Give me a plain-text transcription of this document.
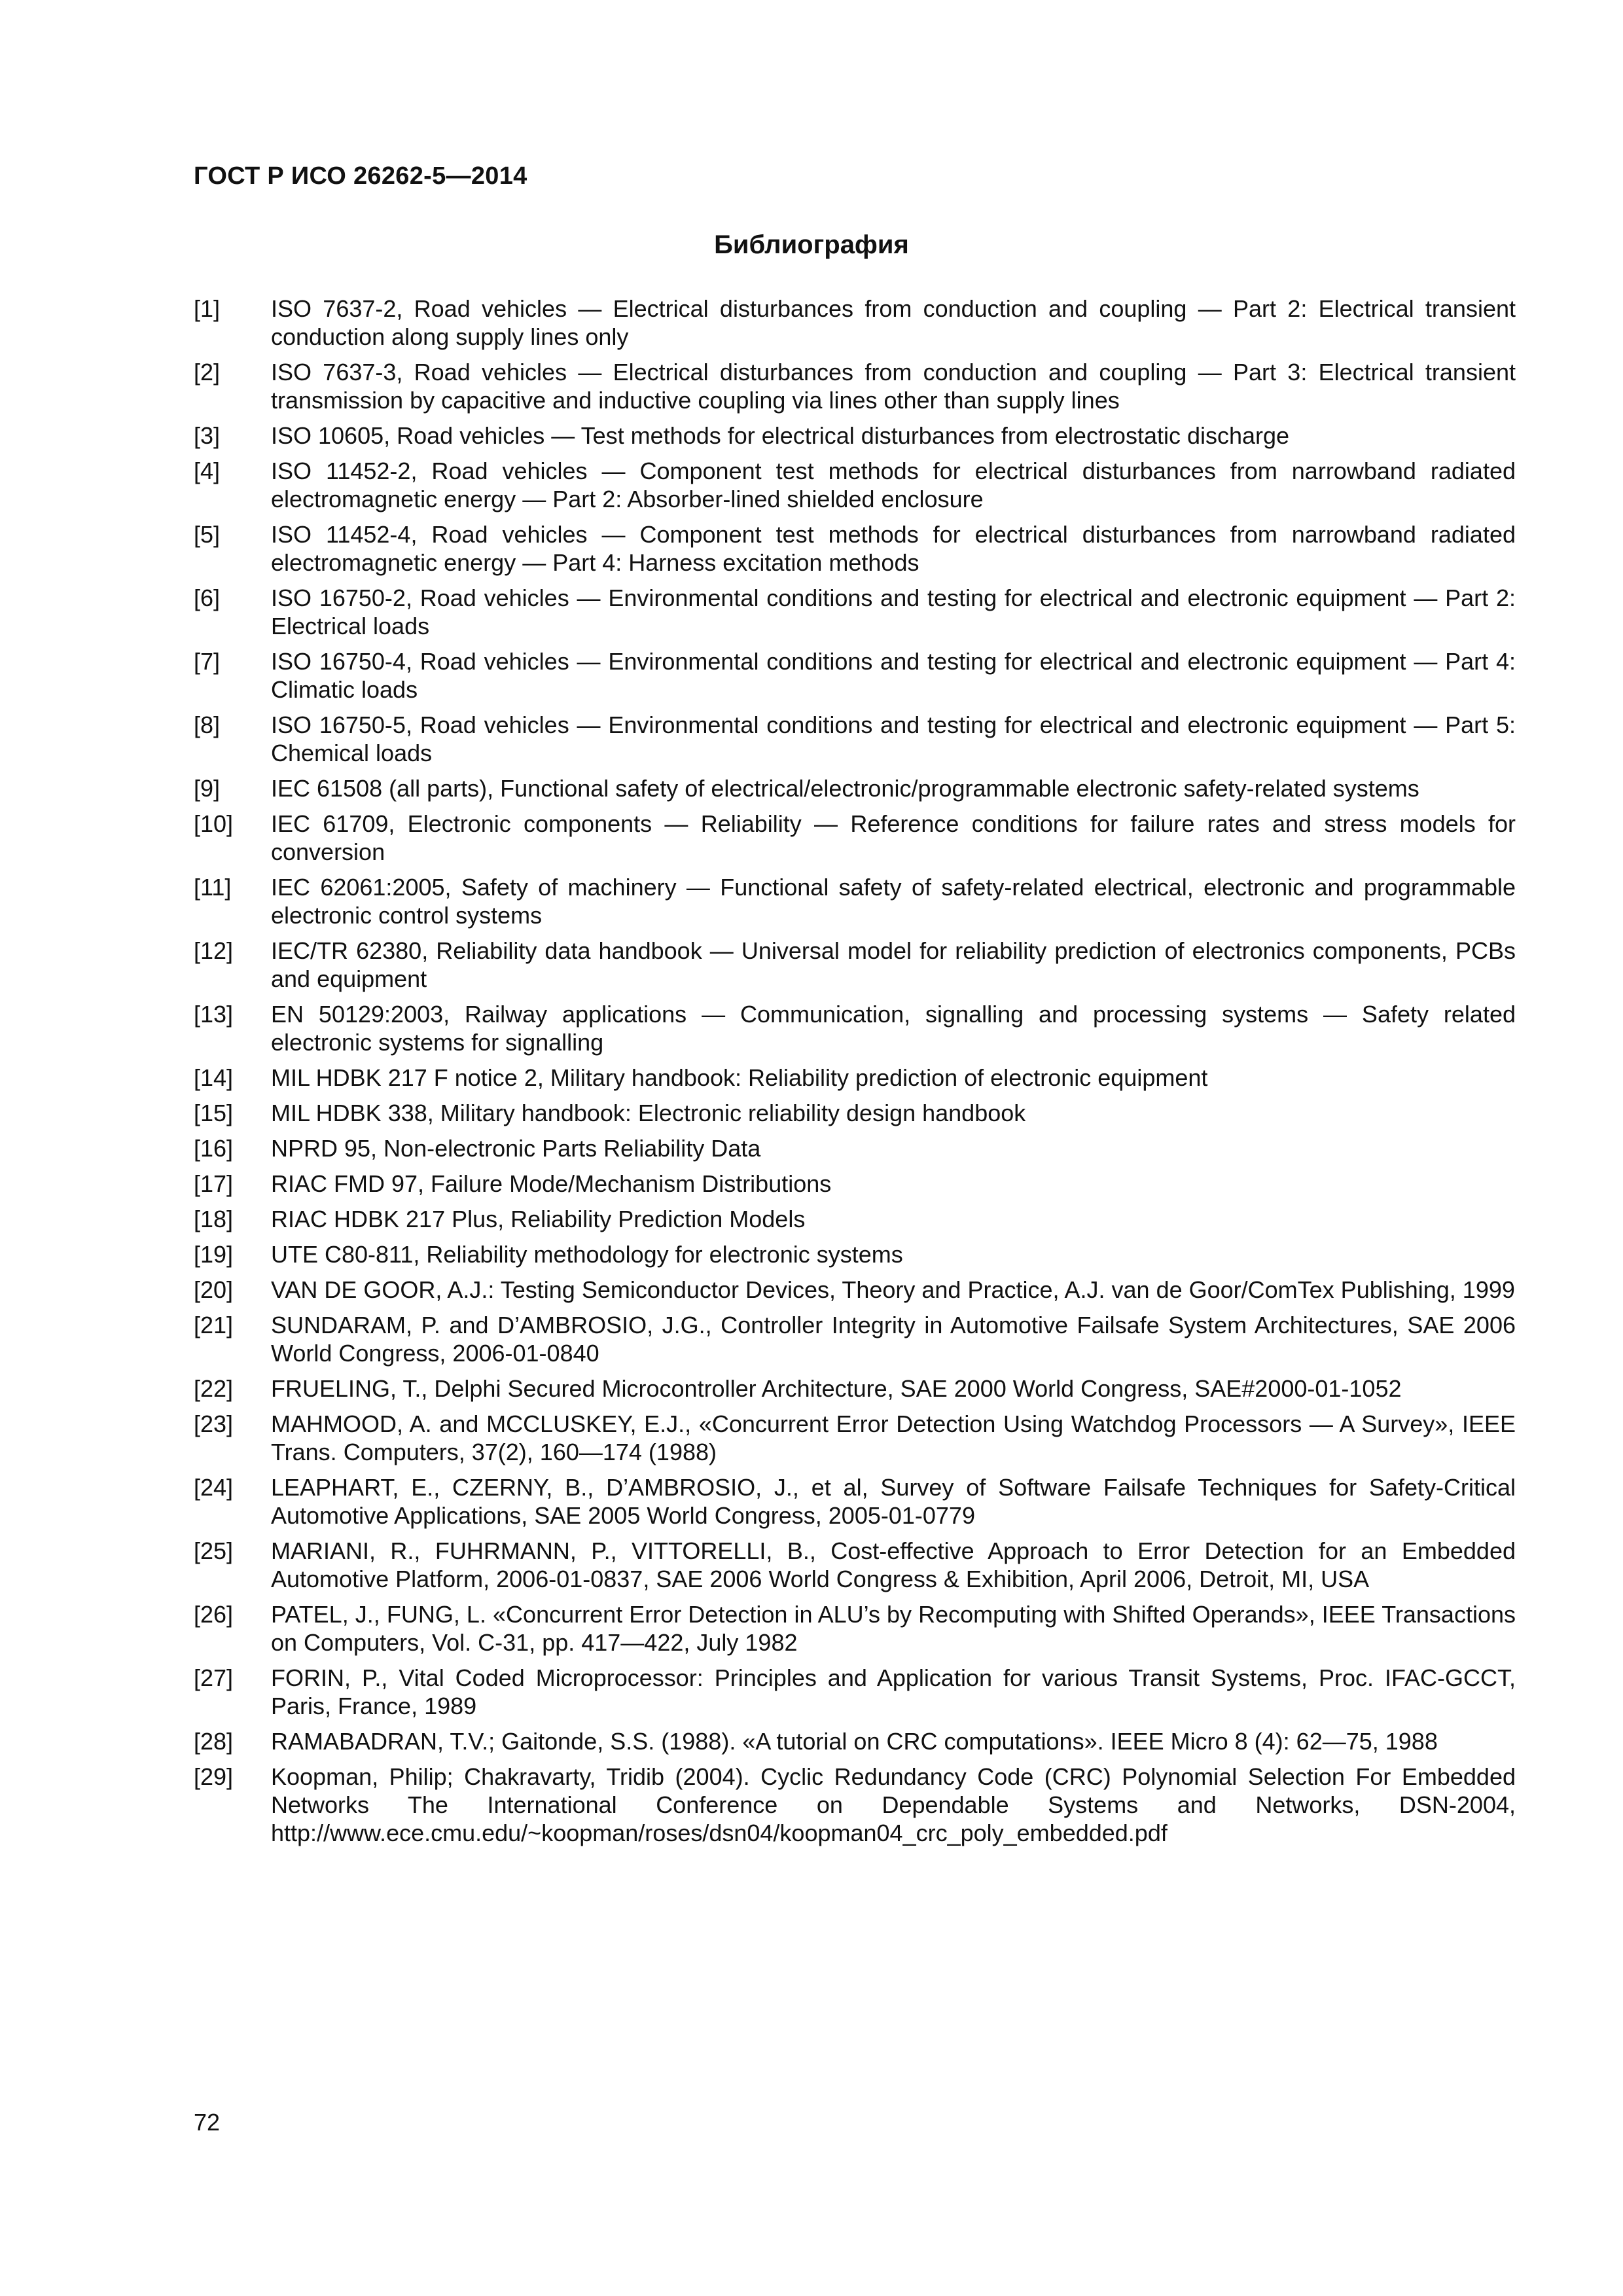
ГОСТ Р ИСО 26262-5—2014
Библиография
[1]	ISO 7637-2, Road vehicles — Electrical disturbances from conduction and coupling — Part 2: Electrical transient conduction along supply lines only
[2]	ISO 7637-3, Road vehicles — Electrical disturbances from conduction and coupling — Part 3: Electrical transient transmission by capacitive and inductive coupling via lines other than supply lines
[3]	ISO 10605, Road vehicles — Test methods for electrical disturbances from electrostatic discharge
[4]	ISO 11452-2, Road vehicles — Component test methods for electrical disturbances from narrowband radiated electromagnetic energy — Part 2: Absorber-lined shielded enclosure
[5]	ISO 11452-4, Road vehicles — Component test methods for electrical disturbances from narrowband radiated electromagnetic energy — Part 4: Harness excitation methods
[6]	ISO 16750-2, Road vehicles — Environmental conditions and testing for electrical and electronic equipment — Part 2: Electrical loads
[7]	ISO 16750-4, Road vehicles — Environmental conditions and testing for electrical and electronic equipment — Part 4: Climatic loads
[8]	ISO 16750-5, Road vehicles — Environmental conditions and testing for electrical and electronic equipment — Part 5: Chemical loads
[9]	IEC 61508 (all parts), Functional safety of electrical/electronic/programmable electronic safety-related systems
[10]	IEC 61709, Electronic components — Reliability — Reference conditions for failure rates and stress models for conversion
[11]	IEC 62061:2005, Safety of machinery — Functional safety of safety-related electrical, electronic and programmable electronic control systems
[12]	IEC/TR 62380, Reliability data handbook — Universal model for reliability prediction of electronics components, PCBs and equipment
[13]	EN 50129:2003, Railway applications — Communication, signalling and processing systems — Safety related electronic systems for signalling
[14]	MIL HDBK 217 F notice 2, Military handbook: Reliability prediction of electronic equipment
[15]	MIL HDBK 338, Military handbook: Electronic reliability design handbook
[16]	NPRD 95, Non-electronic Parts Reliability Data
[17]	RIAC FMD 97, Failure Mode/Mechanism Distributions
[18]	RIAC HDBK 217 Plus, Reliability Prediction Models
[19]	UTE C80-811, Reliability methodology for electronic systems
[20]	VAN DE GOOR, A.J.: Testing Semiconductor Devices, Theory and Practice, A.J. van de Goor/ComTex Publishing, 1999
[21]	SUNDARAM, P. and D’AMBROSIO, J.G., Controller Integrity in Automotive Failsafe System Architectures, SAE 2006 World Congress, 2006-01-0840
[22]	FRUELING, T., Delphi Secured Microcontroller Architecture, SAE 2000 World Congress, SAE#2000-01-1052
[23]	MAHMOOD, A. and MCCLUSKEY, E.J., «Concurrent Error Detection Using Watchdog Processors — A Survey», IEEE Trans. Computers, 37(2), 160—174 (1988)
[24]	LEAPHART, E., CZERNY, B., D’AMBROSIO, J., et al, Survey of Software Failsafe Techniques for Safety-Critical Automotive Applications, SAE 2005 World Congress, 2005-01-0779
[25]	MARIANI, R., FUHRMANN, P., VITTORELLI, B., Cost-effective Approach to Error Detection for an Embedded Automotive Platform, 2006-01-0837, SAE 2006 World Congress & Exhibition, April 2006, Detroit, MI, USA
[26]	PATEL, J., FUNG, L. «Concurrent Error Detection in ALU’s by Recomputing with Shifted Operands», IEEE Transactions on Computers, Vol. C-31, pp. 417—422, July 1982
[27]	FORIN, P., Vital Coded Microprocessor: Principles and Application for various Transit Systems, Proc. IFAC-GCCT, Paris, France, 1989
[28]	RAMABADRAN, T.V.; Gaitonde, S.S. (1988). «A tutorial on CRC computations». IEEE Micro 8 (4): 62—75, 1988
[29]	Koopman, Philip; Chakravarty, Tridib (2004). Cyclic Redundancy Code (CRC) Polynomial Selection For Embedded Networks The International Conference on Dependable Systems and Networks, DSN-2004, http://www.ece.cmu.edu/~koopman/roses/dsn04/koopman04_crc_poly_embedded.pdf
72
